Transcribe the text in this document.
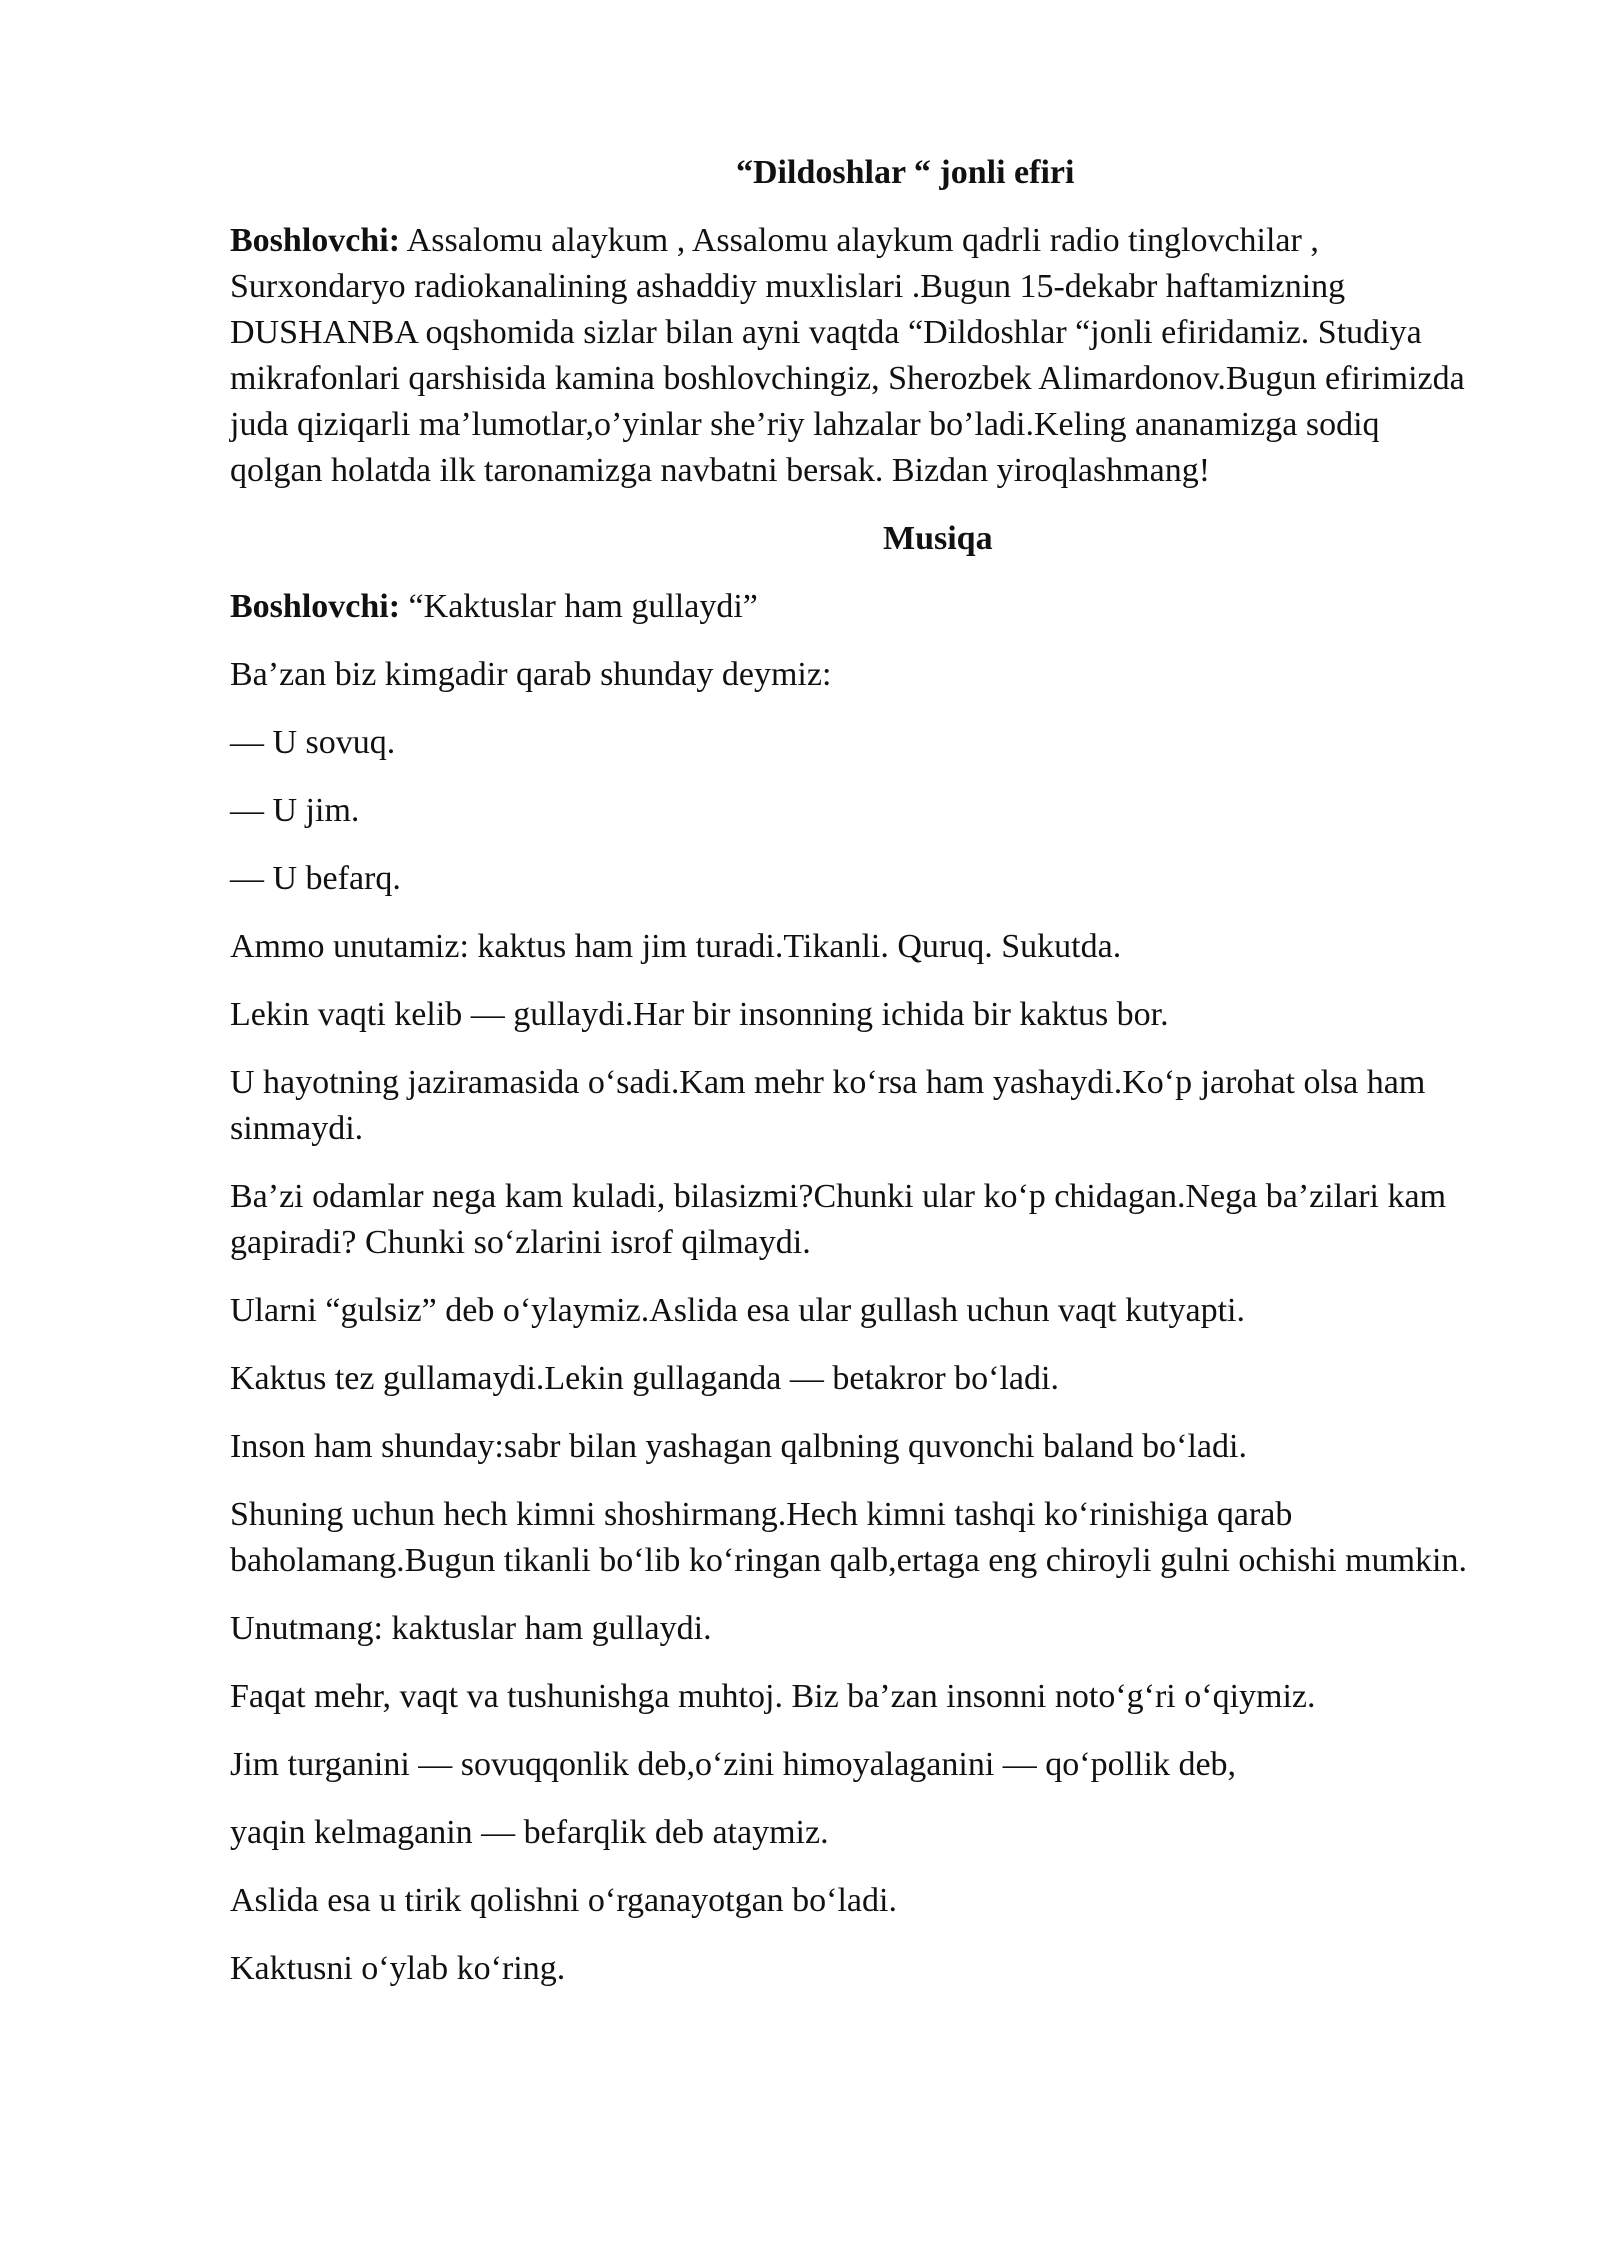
“Dildoshlar “ jonli efiri

Boshlovchi: Assalomu alaykum , Assalomu alaykum qadrli radio tinglovchilar , Surxondaryo radiokanalining ashaddiy muxlislari .Bugun 15-dekabr haftamizning DUSHANBA oqshomida sizlar bilan ayni vaqtda “Dildoshlar “jonli efiridamiz. Studiya mikrafonlari qarshisida kamina boshlovchingiz, Sherozbek Alimardonov.Bugun efirimizda juda qiziqarli ma’lumotlar,o’yinlar she’riy lahzalar bo’ladi.Keling ananamizga sodiq qolgan holatda ilk taronamizga navbatni bersak. Bizdan yiroqlashmang!

Musiqa

Boshlovchi: “Kaktuslar ham gullaydi”

Ba’zan biz kimgadir qarab shunday deymiz:

— U sovuq.

— U jim.

— U befarq.

Ammo unutamiz: kaktus ham jim turadi.Tikanli. Quruq. Sukutda.

Lekin vaqti kelib — gullaydi.Har bir insonning ichida bir kaktus bor.

U hayotning jaziramasida o‘sadi.Kam mehr ko‘rsa ham yashaydi.Ko‘p jarohat olsa ham sinmaydi.

Ba’zi odamlar nega kam kuladi, bilasizmi?Chunki ular ko‘p chidagan.Nega ba’zilari kam gapiradi? Chunki so‘zlarini isrof qilmaydi.

Ularni “gulsiz” deb o‘ylaymiz.Aslida esa ular gullash uchun vaqt kutyapti.

Kaktus tez gullamaydi.Lekin gullaganda — betakror bo‘ladi.

Inson ham shunday:sabr bilan yashagan qalbning quvonchi baland bo‘ladi.

Shuning uchun hech kimni shoshirmang.Hech kimni tashqi ko‘rinishiga qarab baholamang.Bugun tikanli bo‘lib ko‘ringan qalb,ertaga eng chiroyli gulni ochishi mumkin.

Unutmang: kaktuslar ham gullaydi.

Faqat mehr, vaqt va tushunishga muhtoj. Biz ba’zan insonni noto‘g‘ri o‘qiymiz.

Jim turganini — sovuqqonlik deb,o‘zini himoyalaganini — qo‘pollik deb,

yaqin kelmaganin — befarqlik deb ataymiz.

Aslida esa u tirik qolishni o‘rganayotgan bo‘ladi.

Kaktusni o‘ylab ko‘ring.
